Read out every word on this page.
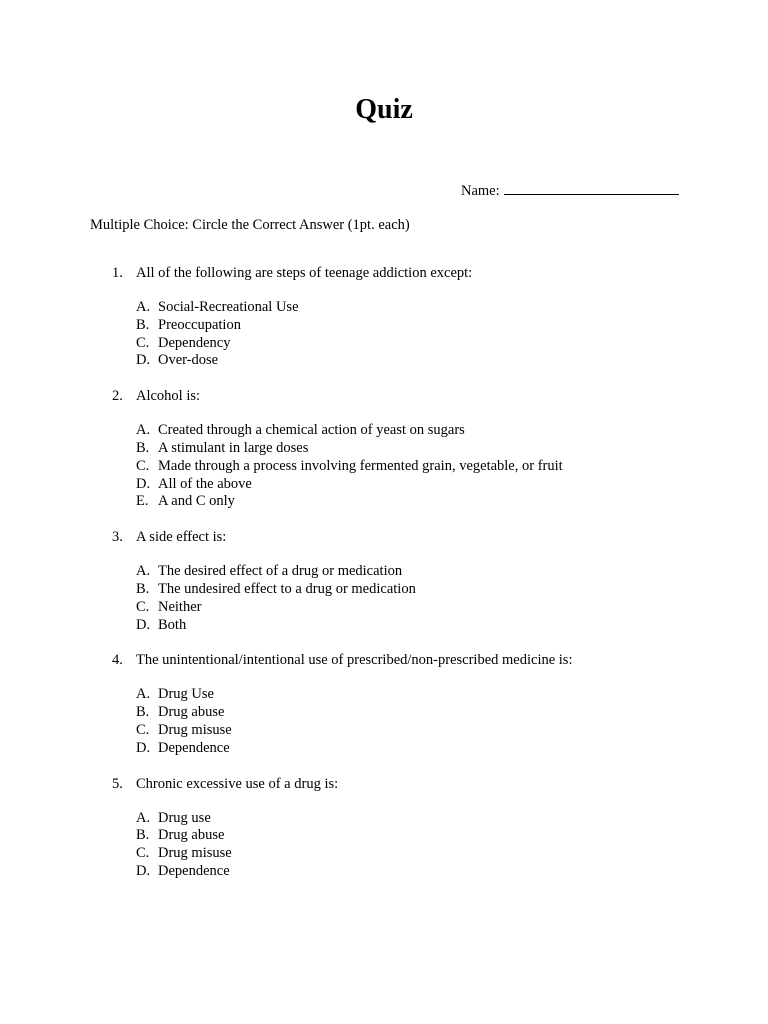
Quiz
Name:
Multiple Choice: Circle the Correct Answer (1pt. each)
1. All of the following are steps of teenage addiction except:
A. Social-Recreational Use
B. Preoccupation
C. Dependency
D. Over-dose
2. Alcohol is:
A. Created through a chemical action of yeast on sugars
B. A stimulant in large doses
C. Made through a process involving fermented grain, vegetable, or fruit
D. All of the above
E. A and C only
3. A side effect is:
A. The desired effect of a drug or medication
B. The undesired effect to a drug or medication
C. Neither
D. Both
4. The unintentional/intentional use of prescribed/non-prescribed medicine is:
A. Drug Use
B. Drug abuse
C. Drug misuse
D. Dependence
5. Chronic excessive use of a drug is:
A. Drug use
B. Drug abuse
C. Drug misuse
D. Dependence
